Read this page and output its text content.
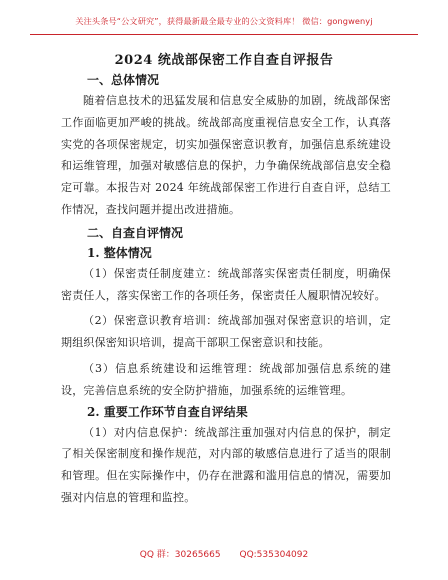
关注头条号“公文研究”，获得最新最全最专业的公文资料库！ 微信：gongwenyj
2024 统战部保密工作自查自评报告

一、总体情况

随着信息技术的迅猛发展和信息安全威胁的加剧，统战部保密工作面临更加严峻的挑战。统战部高度重视信息安全工作，认真落实党的各项保密规定，切实加强保密意识教育，加强信息系统建设和运维管理，加强对敏感信息的保护，力争确保统战部信息安全稳定可靠。本报告对 2024 年统战部保密工作进行自查自评，总结工作情况，查找问题并提出改进措施。

二、自查自评情况

1. 整体情况

（1）保密责任制度建立：统战部落实保密责任制度，明确保密责任人，落实保密工作的各项任务，保密责任人履职情况较好。

（2）保密意识教育培训：统战部加强对保密意识的培训，定期组织保密知识培训，提高干部职工保密意识和技能。

（3）信息系统建设和运维管理：统战部加强信息系统的建设，完善信息系统的安全防护措施，加强系统的运维管理。

2. 重要工作环节自查自评结果

（1）对内信息保护：统战部注重加强对内信息的保护，制定了相关保密制度和操作规范，对内部的敏感信息进行了适当的限制和管理。但在实际操作中，仍存在泄露和滥用信息的情况，需要加强对内信息的管理和监控。

QQ 群：30265665 QQ:535304092
